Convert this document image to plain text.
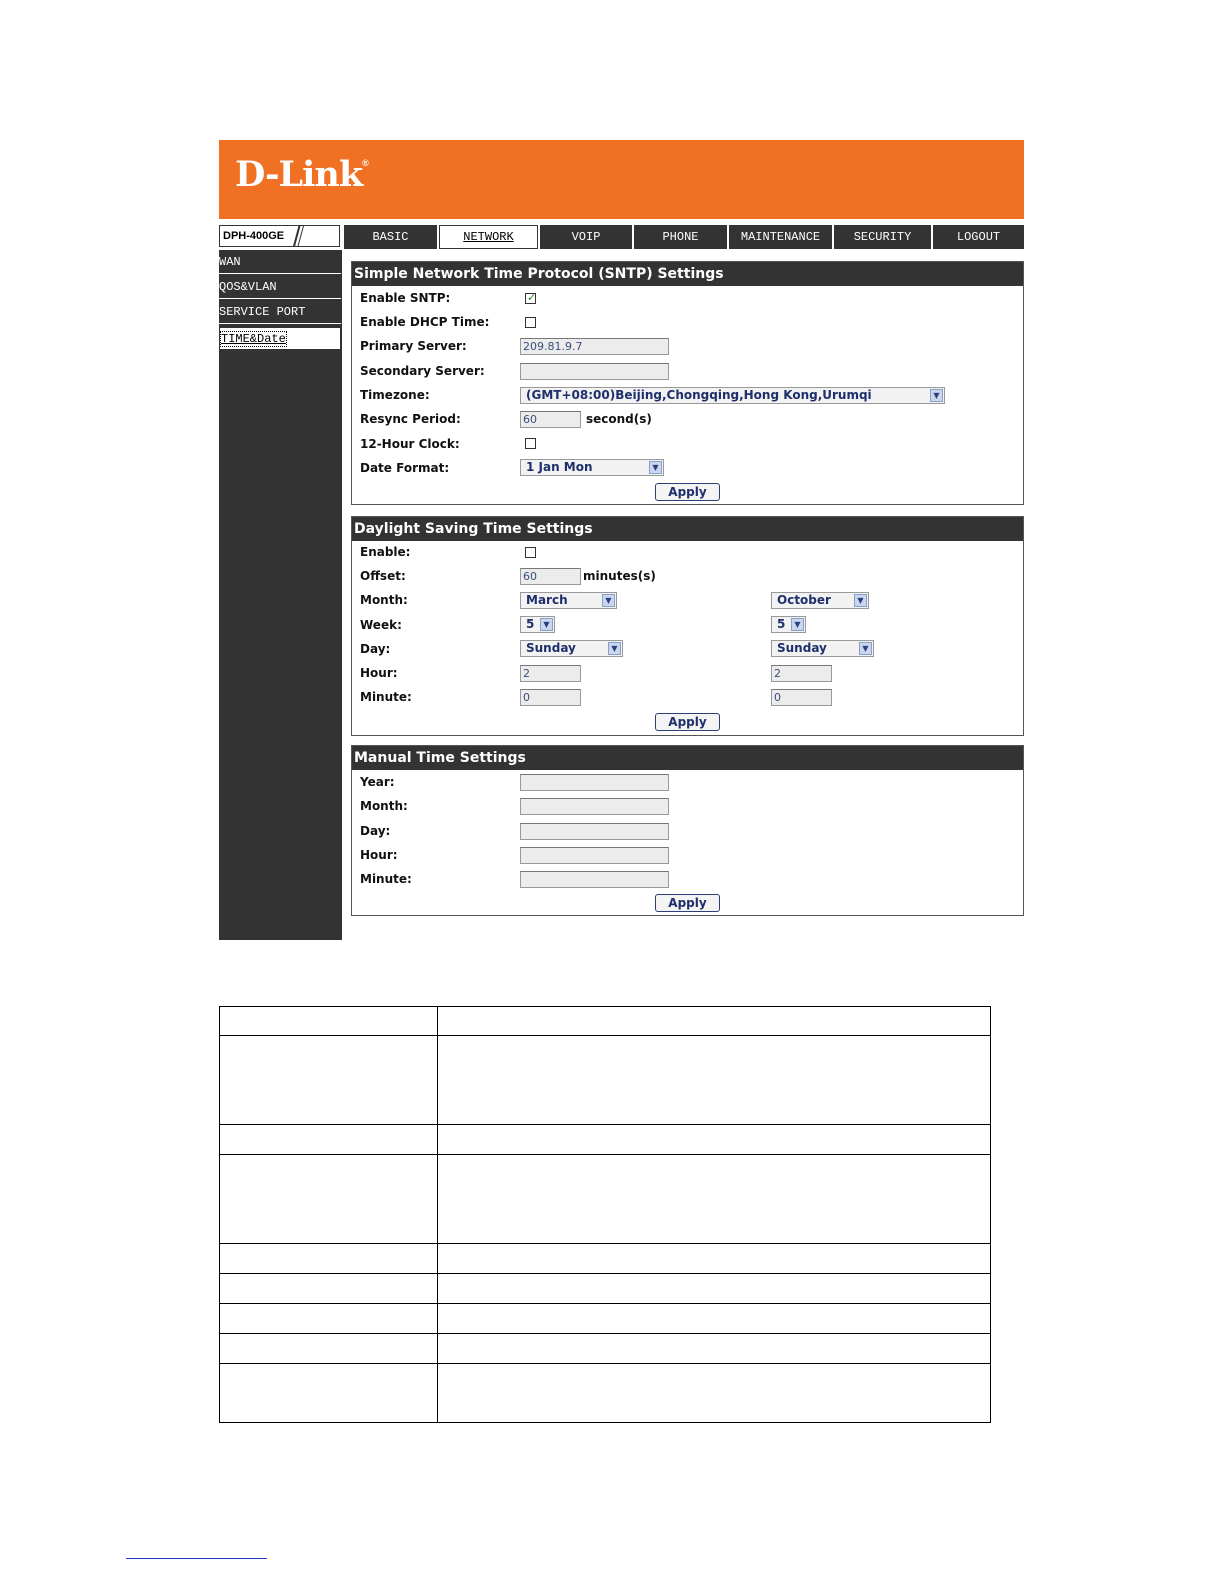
D-Link®
DPH-400GE	BASIC	NETWORK	VOIP	PHONE	MAINTENANCE	SECURITY	LOGOUT
WAN
QOS&VLAN
SERVICE PORT
TIME&Date
Simple Network Time Protocol (SNTP) Settings
Enable SNTP:	✓
Enable DHCP Time:
Primary Server:	209.81.9.7
Secondary Server:
Timezone:	(GMT+08:00)Beijing,Chongqing,Hong Kong,Urumqi	▼
Resync Period:	60	second(s)
12-Hour Clock:
Date Format:	1 Jan Mon	▼
Apply
Daylight Saving Time Settings
Enable:
Offset:	60	minutes(s)
Month:	March	▼	October	▼
Week:	5	▼	5	▼
Day:	Sunday	▼	Sunday	▼
Hour:	2	2
Minute:	0	0
Apply
Manual Time Settings
Year:
Month:
Day:
Hour:
Minute:
Apply
